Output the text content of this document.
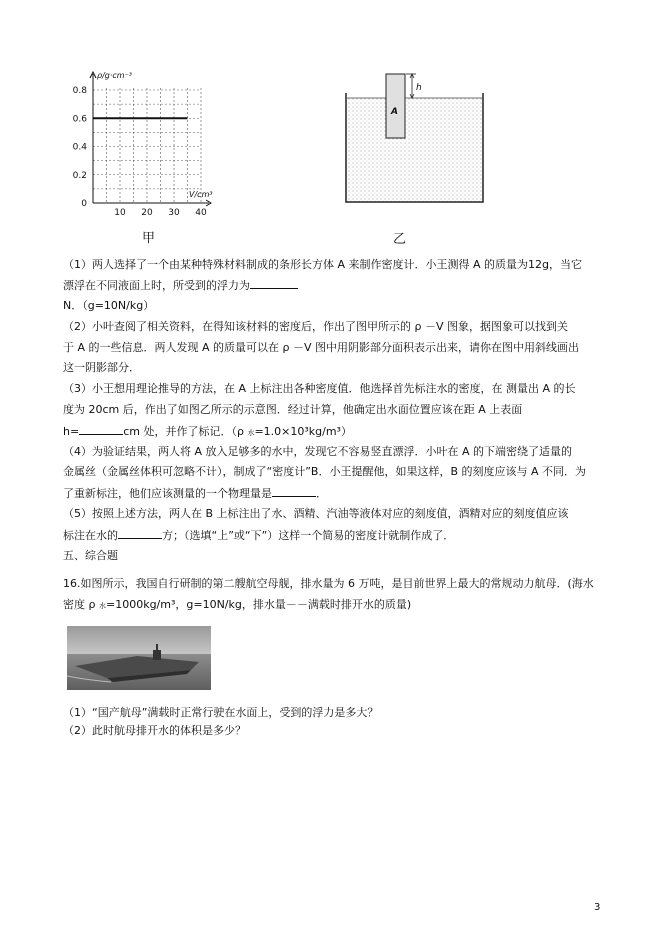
0.8
0.6
0.4
0.2
0
10 20 30 40
ρ/g·cm⁻³
V/cm³
甲
A
h
乙
（1）两人选择了一个由某种特殊材料制成的条形长方体 A 来制作密度计．小王测得 A 的质量为12g，当它
漂浮在不同液面上时，所受到的浮力为
N．（g=10N/kg）
（2）小叶查阅了相关资料，在得知该材料的密度后，作出了图甲所示的 ρ －V 图象，据图象可以找到关
于 A 的一些信息．两人发现 A 的质量可以在 ρ －V 图中用阴影部分面积表示出来，请你在图中用斜线画出
这一阴影部分．
（3）小王想用理论推导的方法，在 A 上标注出各种密度值．他选择首先标注水的密度，在 测量出 A 的长
度为 20cm 后，作出了如图乙所示的示意图．经过计算，他确定出水面位置应该在距 A 上表面
h=	cm 处，并作了标记．（ρ 水=1.0×10³kg/m³）
（4）为验证结果，两人将 A 放入足够多的水中，发现它不容易竖直漂浮．小叶在 A 的下端密绕了适量的
金属丝（金属丝体积可忽略不计），制成了“密度计”B．小王提醒他，如果这样，B 的刻度应该与 A 不同．为
了重新标注，他们应该测量的一个物理量是	．
（5）按照上述方法，两人在 B 上标注出了水、酒精、汽油等液体对应的刻度值，酒精对应的刻度值应该
标注在水的	方；（选填“上”或“下”）这样一个简易的密度计就制作成了．
五、综合题
16.如图所示，我国自行研制的第二艘航空母舰，排水量为 6 万吨，是目前世界上最大的常规动力航母．(海水
密度 ρ 水=1000kg/m³，g=10N/kg，排水量－－满载时排开水的质量)
（1）“国产航母”满载时正常行驶在水面上，受到的浮力是多大？
（2）此时航母排开水的体积是多少？
3
